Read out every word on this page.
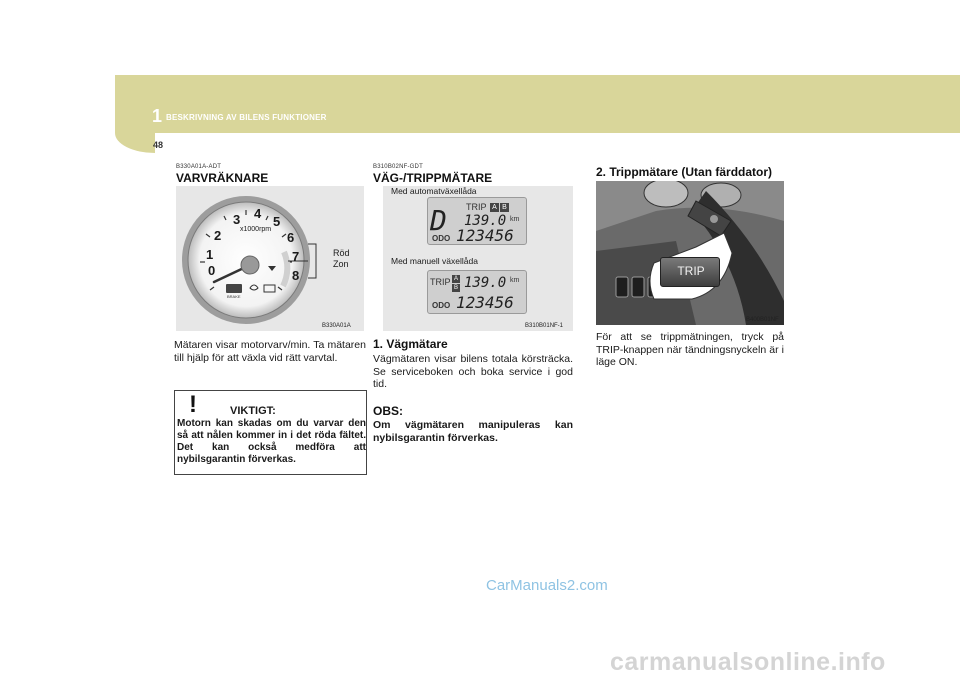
1 BESKRIVNING AV BILENS FUNKTIONER
48
B330A01A-ADT
VARVRÄKNARE
0
1
2
3 4
5
6
7
8
x1000rpm
BRAKE
Röd
Zon
B330A01A
Mätaren visar motorvarv/min. Ta mätaren till hjälp för att växla vid rätt varvtal.
!	VIKTIGT:
Motorn kan skadas om du varvar den så att nålen kommer in i det röda fältet. Det kan också medföra att nybilsgarantin förverkas.
B310B02NF-GDT
VÄG-/TRIPPMÄTARE
Med automatväxellåda
TRIP A B
D 139.0 km
ODO 123456
Med manuell växellåda
TRIP A
B 139.0 km
ODO 123456
B310B01NF-1
1. Vägmätare
Vägmätaren visar bilens totala körsträcka. Se serviceboken och boka service i god tid.
OBS:
Om vägmätaren manipuleras kan nybilsgarantin förverkas.
2. Trippmätare (Utan färddator)
TRIP
B400B01NF
För att se trippmätningen, tryck på TRIP-knappen när tändningsnyckeln är i läge ON.
CarManuals2.com
carmanualsonline.info
